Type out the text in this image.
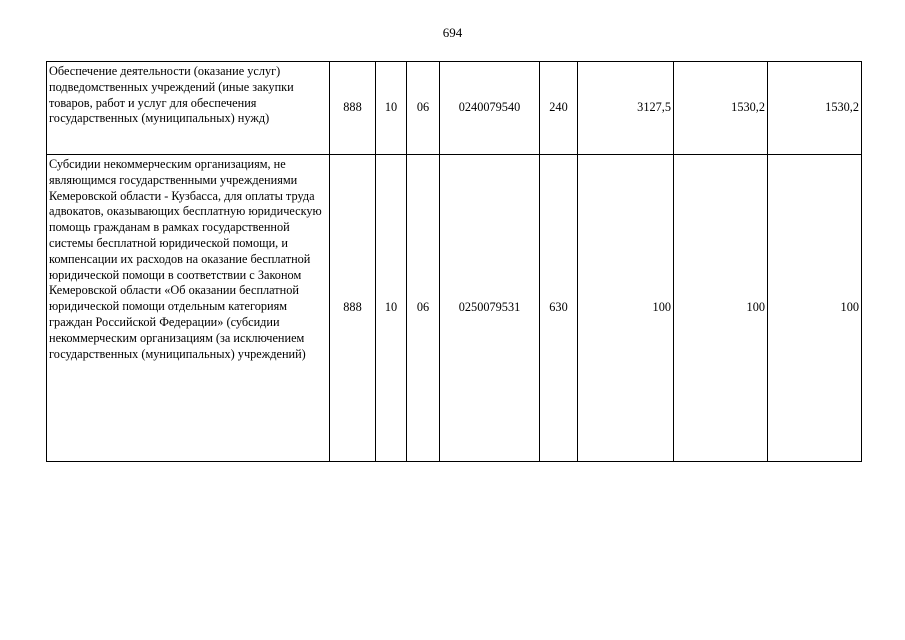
694
Обеспечение деятельности (оказание услуг) подведомственных учреждений (иные закупки товаров, работ и услуг для обеспечения государственных (муниципальных) нужд)	888	10	06	0240079540	240	3127,5	1530,2	1530,2
Субсидии некоммерческим организациям, не являющимся государственными учреждениями Кемеровской области - Кузбасса, для оплаты труда адвокатов, оказывающих бесплатную юридическую помощь гражданам в рамках государственной системы бесплатной юридической помощи, и компенсации их расходов на оказание бесплатной юридической помощи в соответствии с Законом Кемеровской области «Об оказании бесплатной юридической помощи отдельным категориям граждан Российской Федерации» (субсидии некоммерческим организациям (за исключением государственных (муниципальных) учреждений)	888	10	06	0250079531	630	100	100	100
